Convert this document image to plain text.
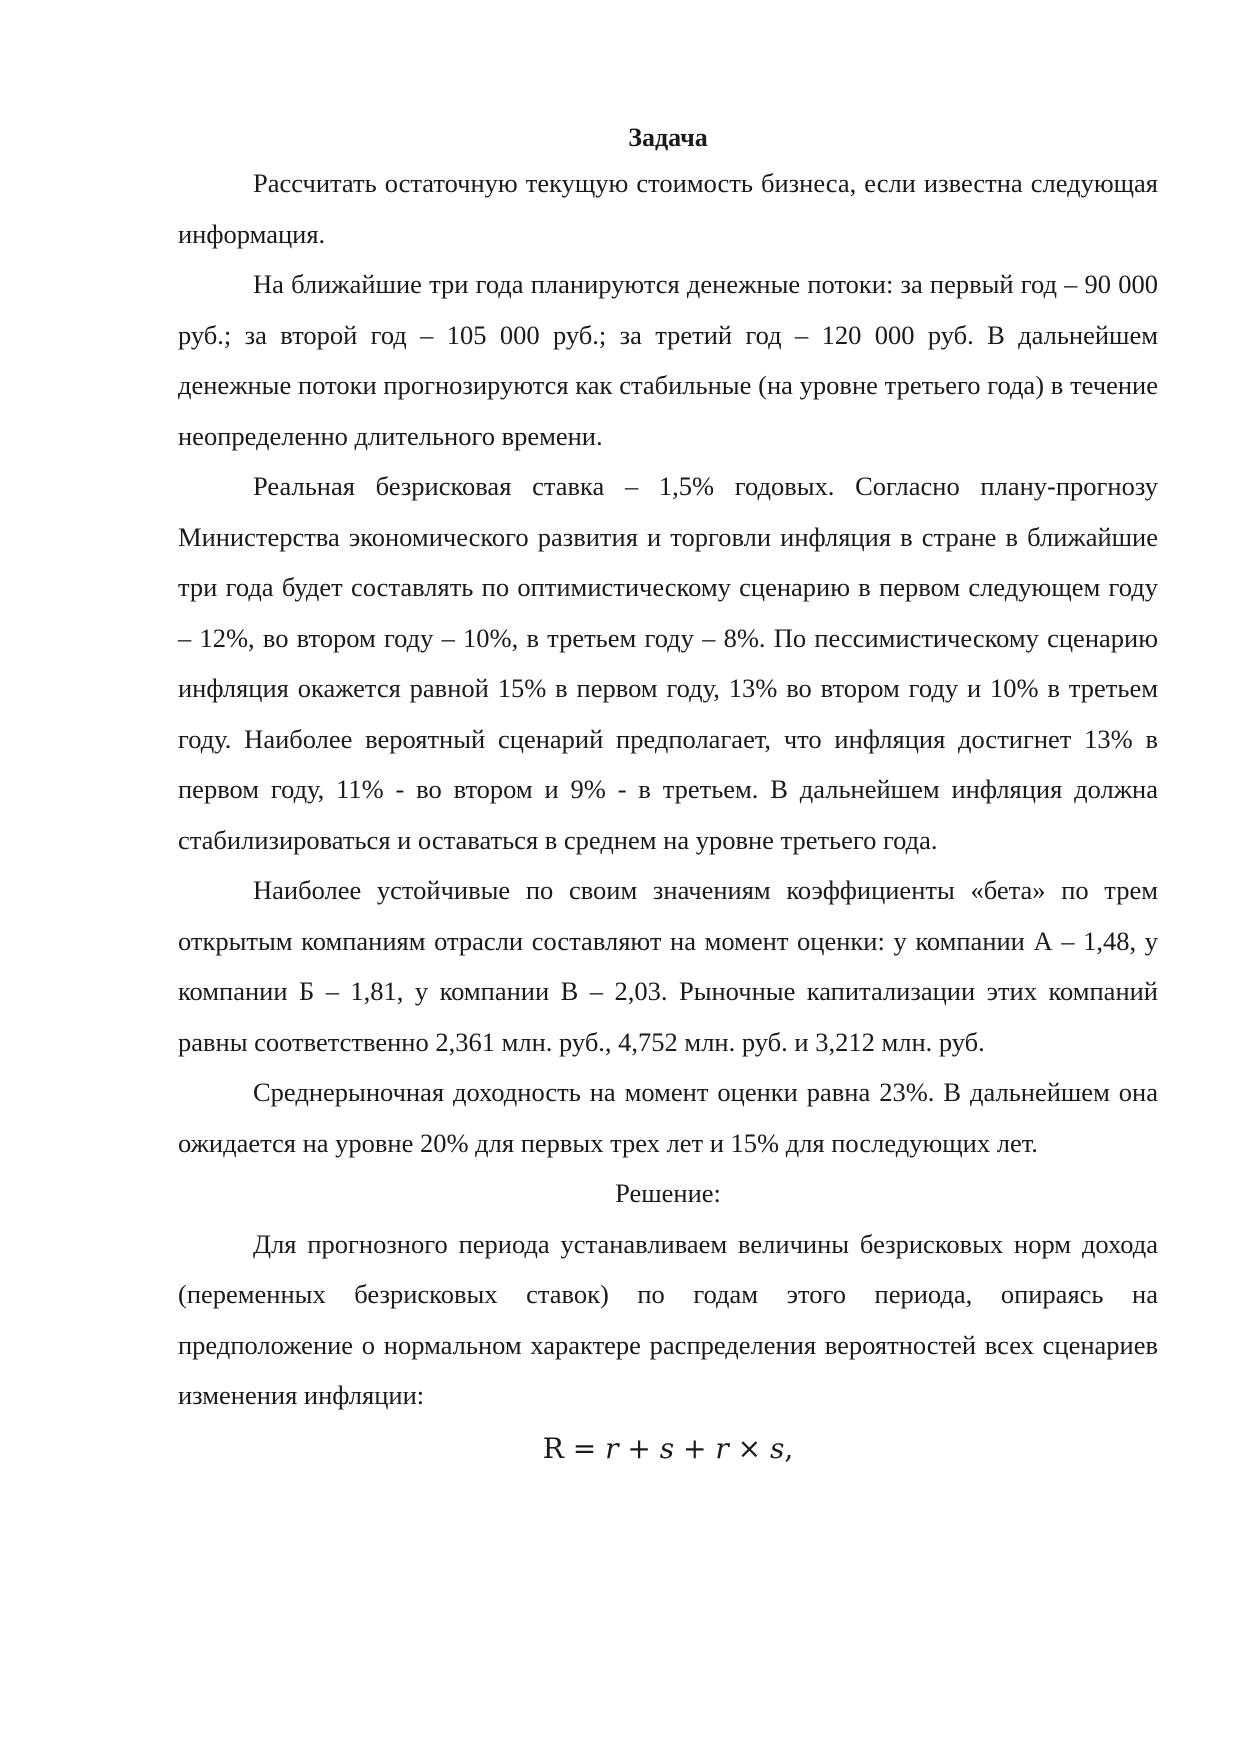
Задача

Рассчитать остаточную текущую стоимость бизнеса, если известна следующая информация.

На ближайшие три года планируются денежные потоки: за первый год – 90 000 руб.; за второй год – 105 000 руб.; за третий год – 120 000 руб. В дальнейшем денежные потоки прогнозируются как стабильные (на уровне третьего года) в течение неопределенно длительного времени.

Реальная безрисковая ставка – 1,5% годовых. Согласно плану-прогнозу Министерства экономического развития и торговли инфляция в стране в ближайшие три года будет составлять по оптимистическому сценарию в первом следующем году – 12%, во втором году – 10%, в третьем году – 8%. По пессимистическому сценарию инфляция окажется равной 15% в первом году, 13% во втором году и 10% в третьем году. Наиболее вероятный сценарий предполагает, что инфляция достигнет 13% в первом году, 11% - во втором и 9% - в третьем. В дальнейшем инфляция должна стабилизироваться и оставаться в среднем на уровне третьего года.

Наиболее устойчивые по своим значениям коэффициенты «бета» по трем открытым компаниям отрасли составляют на момент оценки: у компании А – 1,48, у компании Б – 1,81, у компании В – 2,03. Рыночные капитализации этих компаний равны соответственно 2,361 млн. руб., 4,752 млн. руб. и 3,212 млн. руб.

Среднерыночная доходность на момент оценки равна 23%. В дальнейшем она ожидается на уровне 20% для первых трех лет и 15% для последующих лет.

Решение:

Для прогнозного периода устанавливаем величины безрисковых норм дохода (переменных безрисковых ставок) по годам этого периода, опираясь на предположение о нормальном характере распределения вероятностей всех сценариев изменения инфляции:

R = r + s + r × s,
